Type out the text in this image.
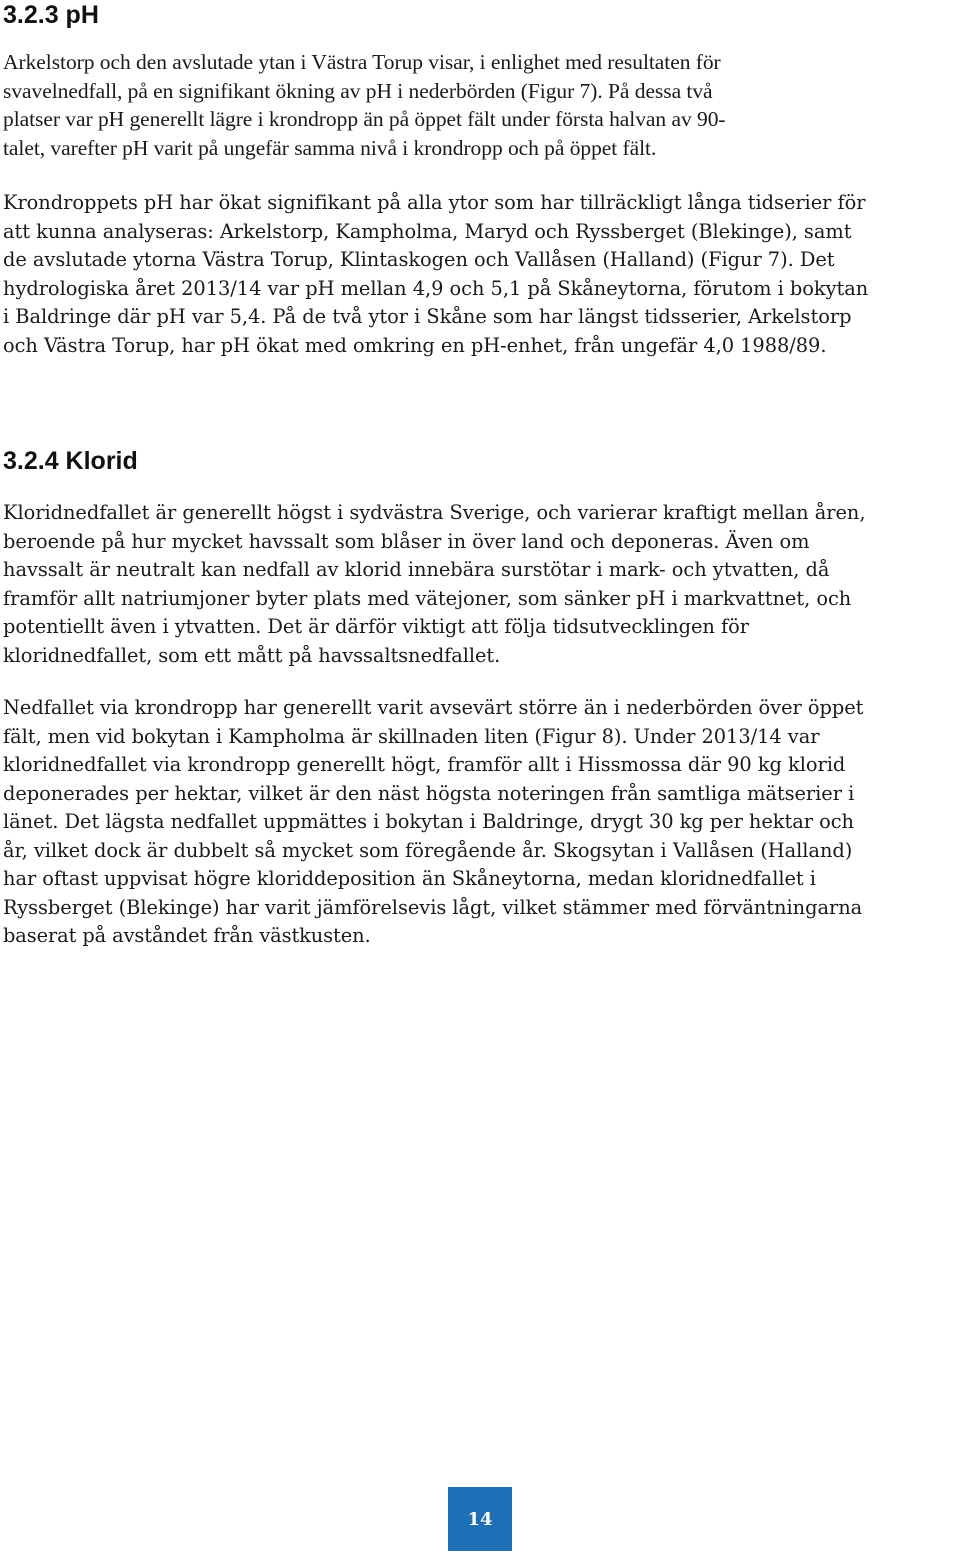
3.2.3 pH

Arkelstorp och den avslutade ytan i Västra Torup visar, i enlighet med resultaten för
svavelnedfall, på en signifikant ökning av pH i nederbörden (Figur 7). På dessa två
platser var pH generellt lägre i krondropp än på öppet fält under första halvan av 90-
talet, varefter pH varit på ungefär samma nivå i krondropp och på öppet fält.

Krondroppets pH har ökat signifikant på alla ytor som har tillräckligt långa tidserier för
att kunna analyseras: Arkelstorp, Kampholma, Maryd och Ryssberget (Blekinge), samt
de avslutade ytorna Västra Torup, Klintaskogen och Vallåsen (Halland) (Figur 7). Det
hydrologiska året 2013/14 var pH mellan 4,9 och 5,1 på Skåneytorna, förutom i bokytan
i Baldringe där pH var 5,4. På de två ytor i Skåne som har längst tidsserier, Arkelstorp
och Västra Torup, har pH ökat med omkring en pH-enhet, från ungefär 4,0 1988/89.

3.2.4 Klorid

Kloridnedfallet är generellt högst i sydvästra Sverige, och varierar kraftigt mellan åren,
beroende på hur mycket havssalt som blåser in över land och deponeras. Även om
havssalt är neutralt kan nedfall av klorid innebära surstötar i mark- och ytvatten, då
framför allt natriumjoner byter plats med vätejoner, som sänker pH i markvattnet, och
potentiellt även i ytvatten. Det är därför viktigt att följa tidsutvecklingen för
kloridnedfallet, som ett mått på havssaltsnedfallet.

Nedfallet via krondropp har generellt varit avsevärt större än i nederbörden över öppet
fält, men vid bokytan i Kampholma är skillnaden liten (Figur 8). Under 2013/14 var
kloridnedfallet via krondropp generellt högt, framför allt i Hissmossa där 90 kg klorid
deponerades per hektar, vilket är den näst högsta noteringen från samtliga mätserier i
länet. Det lägsta nedfallet uppmättes i bokytan i Baldringe, drygt 30 kg per hektar och
år, vilket dock är dubbelt så mycket som föregående år. Skogsytan i Vallåsen (Halland)
har oftast uppvisat högre kloriddeposition än Skåneytorna, medan kloridnedfallet i
Ryssberget (Blekinge) har varit jämförelsevis lågt, vilket stämmer med förväntningarna
baserat på avståndet från västkusten.

14
